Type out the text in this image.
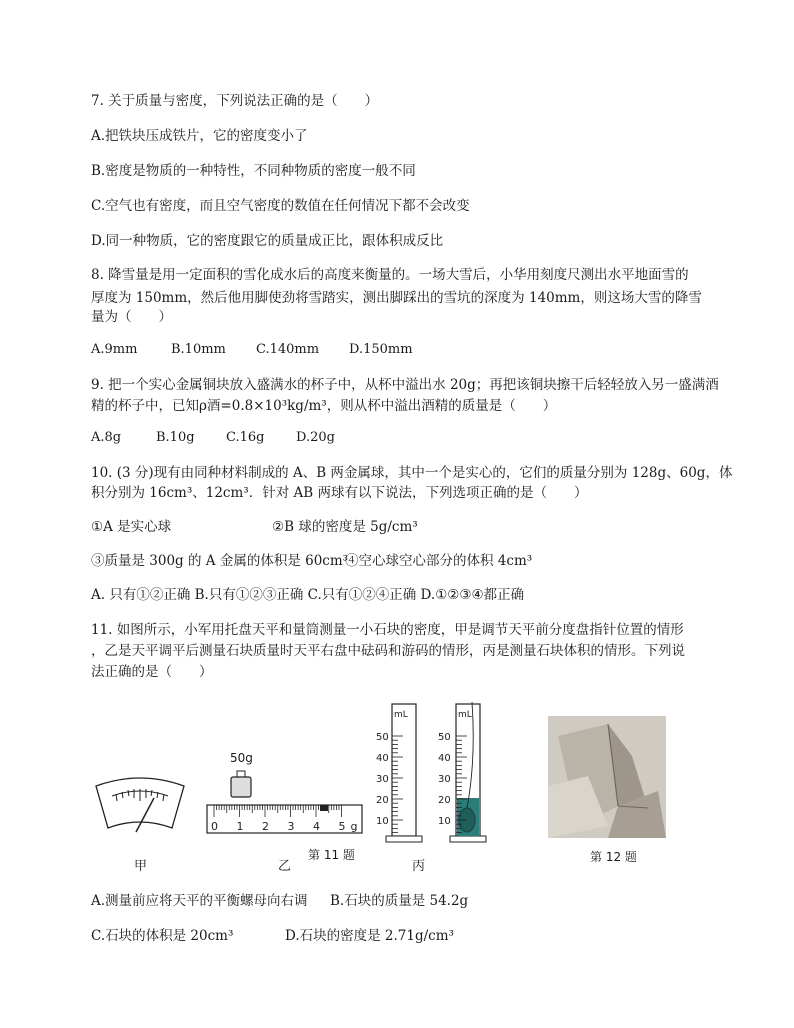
7. 关于质量与密度，下列说法正确的是（　　）
A.把铁块压成铁片，它的密度变小了
B.密度是物质的一种特性，不同种物质的密度一般不同
C.空气也有密度，而且空气密度的数值在任何情况下都不会改变
D.同一种物质，它的密度跟它的质量成正比，跟体积成反比
8. 降雪量是用一定面积的雪化成水后的高度来衡量的。一场大雪后，小华用刻度尺测出水平地面雪的
厚度为 150mm，然后他用脚使劲将雪踏实，测出脚踩出的雪坑的深度为 140mm，则这场大雪的降雪
量为（　　）
A.9mm	B.10mm C.140mm D.150mm
9. 把一个实心金属铜块放入盛满水的杯子中，从杯中溢出水 20g；再把该铜块擦干后轻轻放入另一盛满酒
精的杯子中，已知ρ酒=0.8×10³kg/m³，则从杯中溢出酒精的质量是（　　）
A.8g	B.10g C.16g D.20g
10. (3 分)现有由同种材料制成的 A、B 两金属球，其中一个是实心的，它们的质量分别为 128g、60g，体
积分别为 16cm³、12cm³．针对 AB 两球有以下说法，下列选项正确的是（　　）
①A 是实心球	②B 球的密度是 5g/cm³
③质量是 300g 的 A 金属的体积是 60cm³
④空心球空心部分的体积 4cm³
A. 只有①②正确 B.只有①②③正确 C.只有①②④正确 D.①②③④都正确
11. 如图所示，小军用托盘天平和量筒测量一小石块的密度，甲是调节天平前分度盘指针位置的情形
，乙是天平调平后测量石块质量时天平右盘中砝码和游码的情形，丙是测量石块体积的情形。下列说
法正确的是（　　）
甲
50g
0 1 2 3 4 5 g
乙
第 11 题
mL
50
40
30
20
10
mL
50
40
30
20
10
丙
第 12 题
A.测量前应将天平的平衡螺母向右调 B.石块的质量是 54.2g
C.石块的体积是 20cm³	D.石块的密度是 2.71g/cm³
